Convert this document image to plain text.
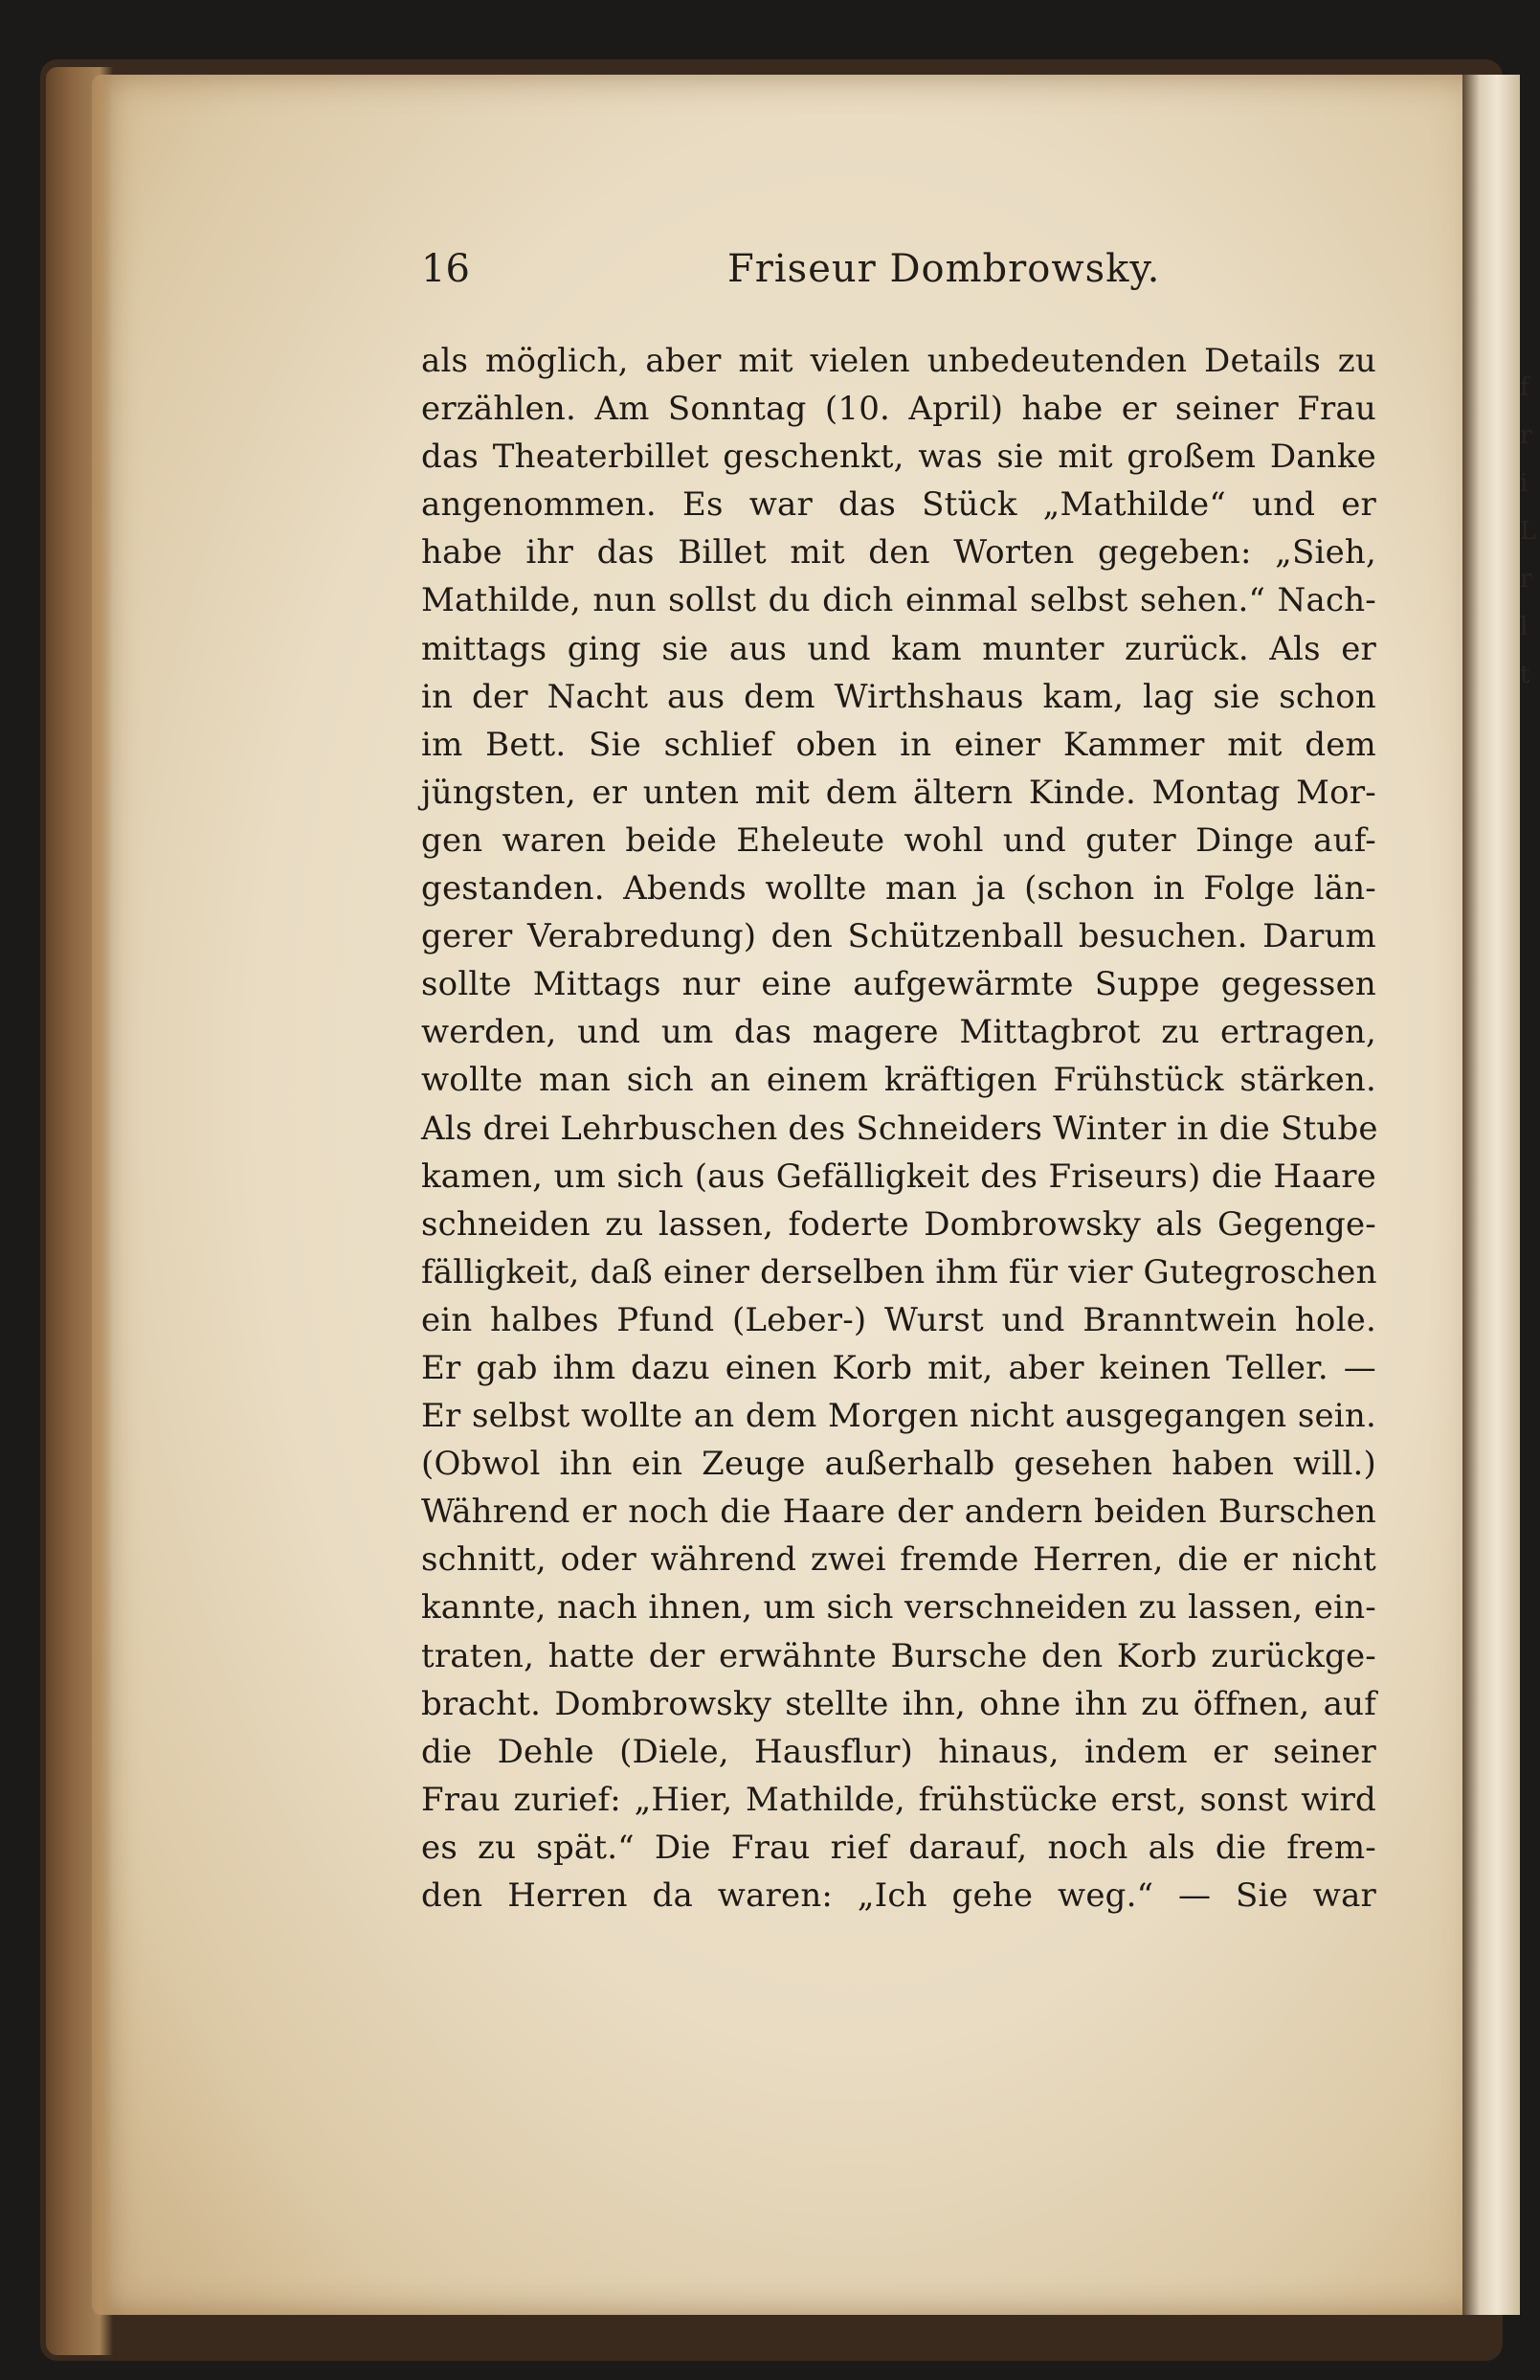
f
r
i
L
r
l
t
16	Friseur Dombrowsky.
als möglich, aber mit vielen unbedeutenden Details zu
erzählen. Am Sonntag (10. April) habe er seiner Frau
das Theaterbillet geschenkt, was sie mit großem Danke
angenommen. Es war das Stück „Mathilde“ und er
habe ihr das Billet mit den Worten gegeben: „Sieh,
Mathilde, nun sollst du dich einmal selbst sehen.“ Nach-
mittags ging sie aus und kam munter zurück. Als er
in der Nacht aus dem Wirthshaus kam, lag sie schon
im Bett. Sie schlief oben in einer Kammer mit dem
jüngsten, er unten mit dem ältern Kinde. Montag Mor-
gen waren beide Eheleute wohl und guter Dinge auf-
gestanden. Abends wollte man ja (schon in Folge län-
gerer Verabredung) den Schützenball besuchen. Darum
sollte Mittags nur eine aufgewärmte Suppe gegessen
werden, und um das magere Mittagbrot zu ertragen,
wollte man sich an einem kräftigen Frühstück stärken.
Als drei Lehrbuschen des Schneiders Winter in die Stube
kamen, um sich (aus Gefälligkeit des Friseurs) die Haare
schneiden zu lassen, foderte Dombrowsky als Gegenge-
fälligkeit, daß einer derselben ihm für vier Gutegroschen
ein halbes Pfund (Leber-) Wurst und Branntwein hole.
Er gab ihm dazu einen Korb mit, aber keinen Teller. —
Er selbst wollte an dem Morgen nicht ausgegangen sein.
(Obwol ihn ein Zeuge außerhalb gesehen haben will.)
Während er noch die Haare der andern beiden Burschen
schnitt, oder während zwei fremde Herren, die er nicht
kannte, nach ihnen, um sich verschneiden zu lassen, ein-
traten, hatte der erwähnte Bursche den Korb zurückge-
bracht. Dombrowsky stellte ihn, ohne ihn zu öffnen, auf
die Dehle (Diele, Hausflur) hinaus, indem er seiner
Frau zurief: „Hier, Mathilde, frühstücke erst, sonst wird
es zu spät.“ Die Frau rief darauf, noch als die frem-
den Herren da waren: „Ich gehe weg.“ — Sie war
